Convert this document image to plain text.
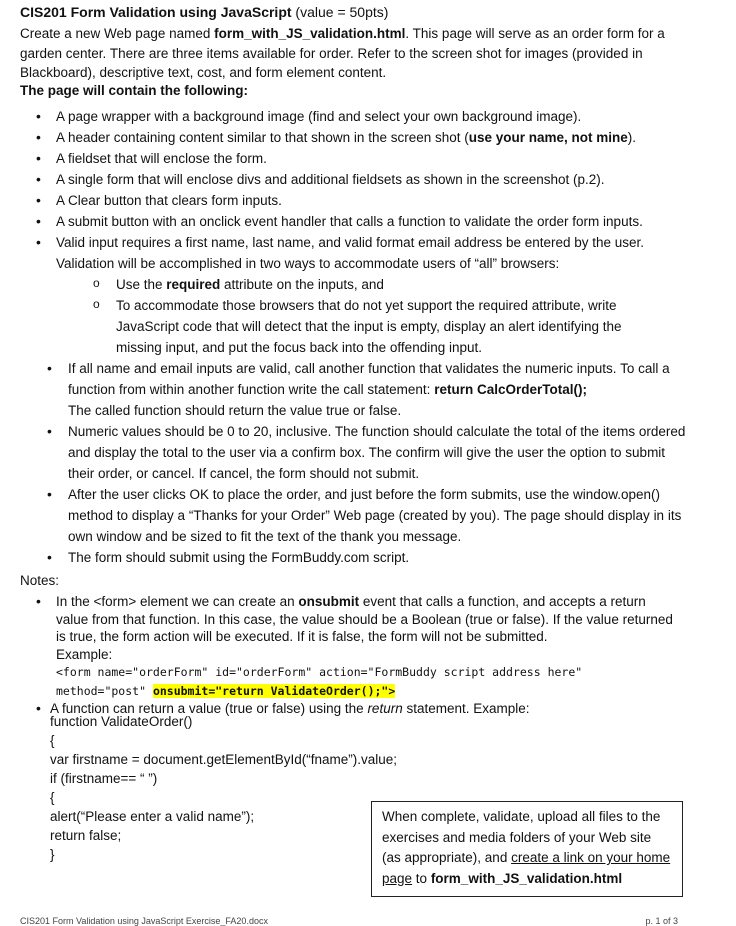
CIS201 Form Validation using JavaScript (value = 50pts)
Create a new Web page named form_with_JS_validation.html. This page will serve as an order form for a garden center. There are three items available for order. Refer to the screen shot for images (provided in Blackboard), descriptive text, cost, and form element content.
The page will contain the following:
• A page wrapper with a background image (find and select your own background image).
• A header containing content similar to that shown in the screen shot (use your name, not mine).
• A fieldset that will enclose the form.
• A single form that will enclose divs and additional fieldsets as shown in the screenshot (p.2).
• A Clear button that clears form inputs.
• A submit button with an onclick event handler that calls a function to validate the order form inputs.
• Valid input requires a first name, last name, and valid format email address be entered by the user. Validation will be accomplished in two ways to accommodate users of “all” browsers:
o Use the required attribute on the inputs, and
o To accommodate those browsers that do not yet support the required attribute, write JavaScript code that will detect that the input is empty, display an alert identifying the missing input, and put the focus back into the offending input.
• If all name and email inputs are valid, call another function that validates the numeric inputs. To call a function from within another function write the call statement: return CalcOrderTotal();
The called function should return the value true or false.
• Numeric values should be 0 to 20, inclusive. The function should calculate the total of the items ordered and display the total to the user via a confirm box. The confirm will give the user the option to submit their order, or cancel. If cancel, the form should not submit.
• After the user clicks OK to place the order, and just before the form submits, use the window.open() method to display a “Thanks for your Order” Web page (created by you). The page should display in its own window and be sized to fit the text of the thank you message.
• The form should submit using the FormBuddy.com script.
Notes:
• In the <form> element we can create an onsubmit event that calls a function, and accepts a return value from that function. In this case, the value should be a Boolean (true or false). If the value returned is true, the form action will be executed. If it is false, the form will not be submitted.
Example:
<form name="orderForm" id="orderForm" action="FormBuddy script address here"
method="post" onsubmit="return ValidateOrder();">
• A function can return a value (true or false) using the return statement. Example:
function ValidateOrder()
{
var firstname = document.getElementById(“fname”).value;
if (firstname== “ ”)
{
alert(“Please enter a valid name”);
return false;
}
When complete, validate, upload all files to the exercises and media folders of your Web site (as appropriate), and create a link on your home page to form_with_JS_validation.html
CIS201 Form Validation using JavaScript Exercise_FA20.docx	p. 1 of 3
